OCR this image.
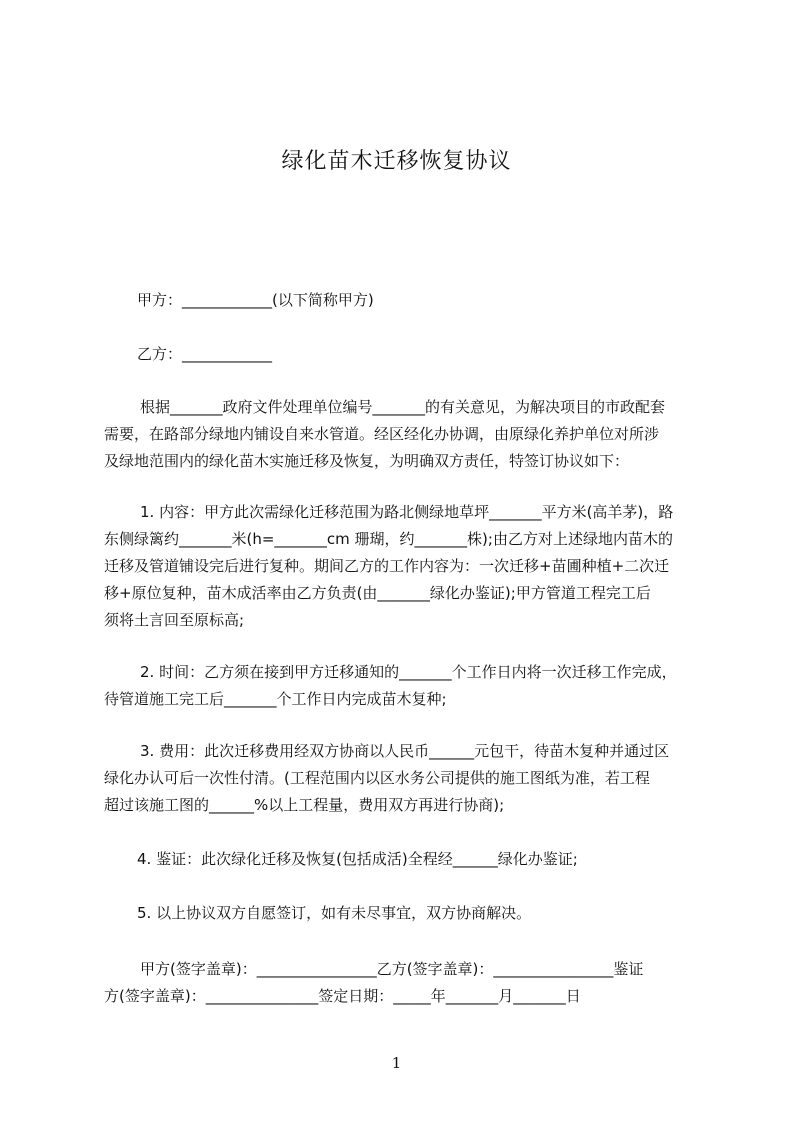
绿化苗木迁移恢复协议
甲方：____________(以下简称甲方)
乙方：____________
根据_______政府文件处理单位编号_______的有关意见，为解决项目的市政配套
需要，在路部分绿地内铺设自来水管道。经区经化办协调，由原绿化养护单位对所涉
及绿地范围内的绿化苗木实施迁移及恢复，为明确双方责任，特签订协议如下：
1. 内容：甲方此次需绿化迁移范围为路北侧绿地草坪_______平方米(高羊茅)，路
东侧绿篱约_______米(h=_______cm 珊瑚，约_______株);由乙方对上述绿地内苗木的
迁移及管道铺设完后进行复种。期间乙方的工作内容为：一次迁移+苗圃种植+二次迁
移+原位复种，苗木成活率由乙方负责(由_______绿化办鉴证);甲方管道工程完工后
须将土言回至原标高;
2. 时间：乙方须在接到甲方迁移通知的_______个工作日内将一次迁移工作完成，
待管道施工完工后_______个工作日内完成苗木复种;
3. 费用：此次迁移费用经双方协商以人民币______元包干，待苗木复种并通过区
绿化办认可后一次性付清。(工程范围内以区水务公司提供的施工图纸为准，若工程
超过该施工图的______%以上工程量，费用双方再进行协商);
4. 鉴证：此次绿化迁移及恢复(包括成活)全程经______绿化办鉴证;
5. 以上协议双方自愿签订，如有未尽事宜，双方协商解决。
甲方(签字盖章)：________________乙方(签字盖章)：________________鉴证
方(签字盖章)：_______________签定日期：_____年_______月_______日
1
